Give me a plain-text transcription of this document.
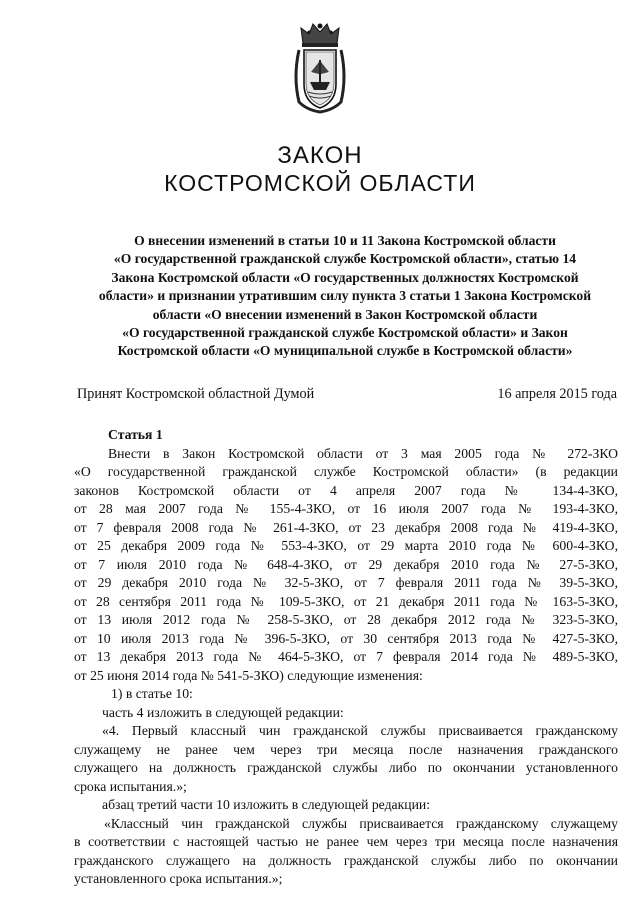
ЗАКОН
КОСТРОМСКОЙ ОБЛАСТИ
О внесении изменений в статьи 10 и 11 Закона Костромской области
«О государственной гражданской службе Костромской области», статью 14
Закона Костромской области «О государственных должностях Костромской
области» и признании утратившим силу пункта 3 статьи 1 Закона Костромской
области «О внесении изменений в Закон Костромской области
«О государственной гражданской службе Костромской области» и Закон
Костромской области «О муниципальной службе в Костромской области»
Принят Костромской областной Думой	16 апреля 2015 года
Статья 1
Внести в Закон Костромской области от 3 мая 2005 года № 272-ЗКО
«О государственной гражданской службе Костромской области» (в редакции
законов Костромской области от 4 апреля 2007 года № 134-4-ЗКО,
от 28 мая 2007 года № 155-4-ЗКО, от 16 июля 2007 года № 193-4-ЗКО,
от 7 февраля 2008 года № 261-4-ЗКО, от 23 декабря 2008 года № 419-4-ЗКО,
от 25 декабря 2009 года № 553-4-ЗКО, от 29 марта 2010 года № 600-4-ЗКО,
от 7 июля 2010 года № 648-4-ЗКО, от 29 декабря 2010 года № 27-5-ЗКО,
от 29 декабря 2010 года № 32-5-ЗКО, от 7 февраля 2011 года № 39-5-ЗКО,
от 28 сентября 2011 года № 109-5-ЗКО, от 21 декабря 2011 года № 163-5-ЗКО,
от 13 июля 2012 года № 258-5-ЗКО, от 28 декабря 2012 года № 323-5-ЗКО,
от 10 июля 2013 года № 396-5-ЗКО, от 30 сентября 2013 года № 427-5-ЗКО,
от 13 декабря 2013 года № 464-5-ЗКО, от 7 февраля 2014 года № 489-5-ЗКО,
от 25 июня 2014 года № 541-5-ЗКО) следующие изменения:
1) в статье 10:
часть 4 изложить в следующей редакции:
«4. Первый классный чин гражданской службы присваивается гражданскому
служащему не ранее чем через три месяца после назначения гражданского
служащего на должность гражданской службы либо по окончании установленного
срока испытания.»;
абзац третий части 10 изложить в следующей редакции:
«Классный чин гражданской службы присваивается гражданскому служащему
в соответствии с настоящей частью не ранее чем через три месяца после назначения
гражданского служащего на должность гражданской службы либо по окончании
установленного срока испытания.»;
